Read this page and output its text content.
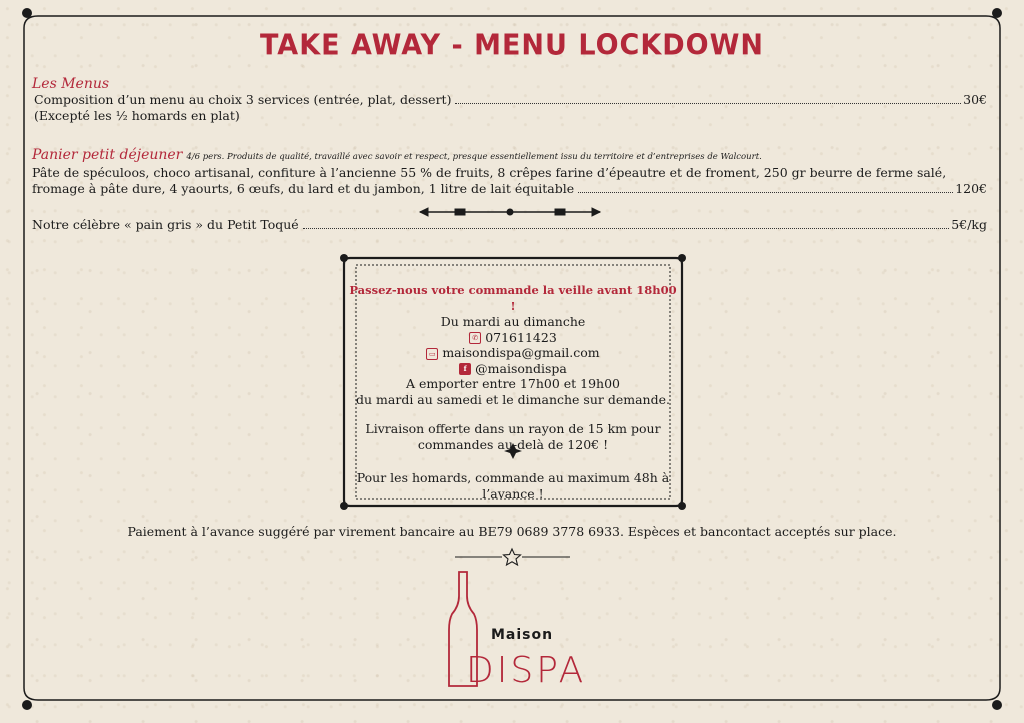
TAKE AWAY - MENU LOCKDOWN
Les Menus
Composition d’un menu au choix 3 services (entrée, plat, dessert)	30€
(Excepté les ½ homards en plat)
Panier petit déjeuner 4/6 pers. Produits de qualité, travaillé avec savoir et respect, presque essentiellement issu du territoire et d’entreprises de Walcourt.
Pâte de spéculoos, choco artisanal, confiture à l’ancienne 55 % de fruits, 8 crêpes farine d’épeautre et de froment, 250 gr beurre de ferme salé,
fromage à pâte dure, 4 yaourts, 6 œufs, du lard et du jambon, 1 litre de lait équitable	120€
Notre célèbre « pain gris » du Petit Toqué	5€/kg
Passez-nous votre commande la veille avant 18h00 !
Du mardi au dimanche
✆ 071611423
▭ maisondispa@gmail.com
f @maisondispa
A emporter entre 17h00 et 19h00
du mardi au samedi et le dimanche sur demande.
Livraison offerte dans un rayon de 15 km pour
commandes au-delà de 120€ !
Pour les homards, commande au maximum 48h à
l’avance !
Paiement à l’avance suggéré par virement bancaire au BE79 0689 3778 6933. Espèces et bancontact acceptés sur place.
Maison
DISPA
